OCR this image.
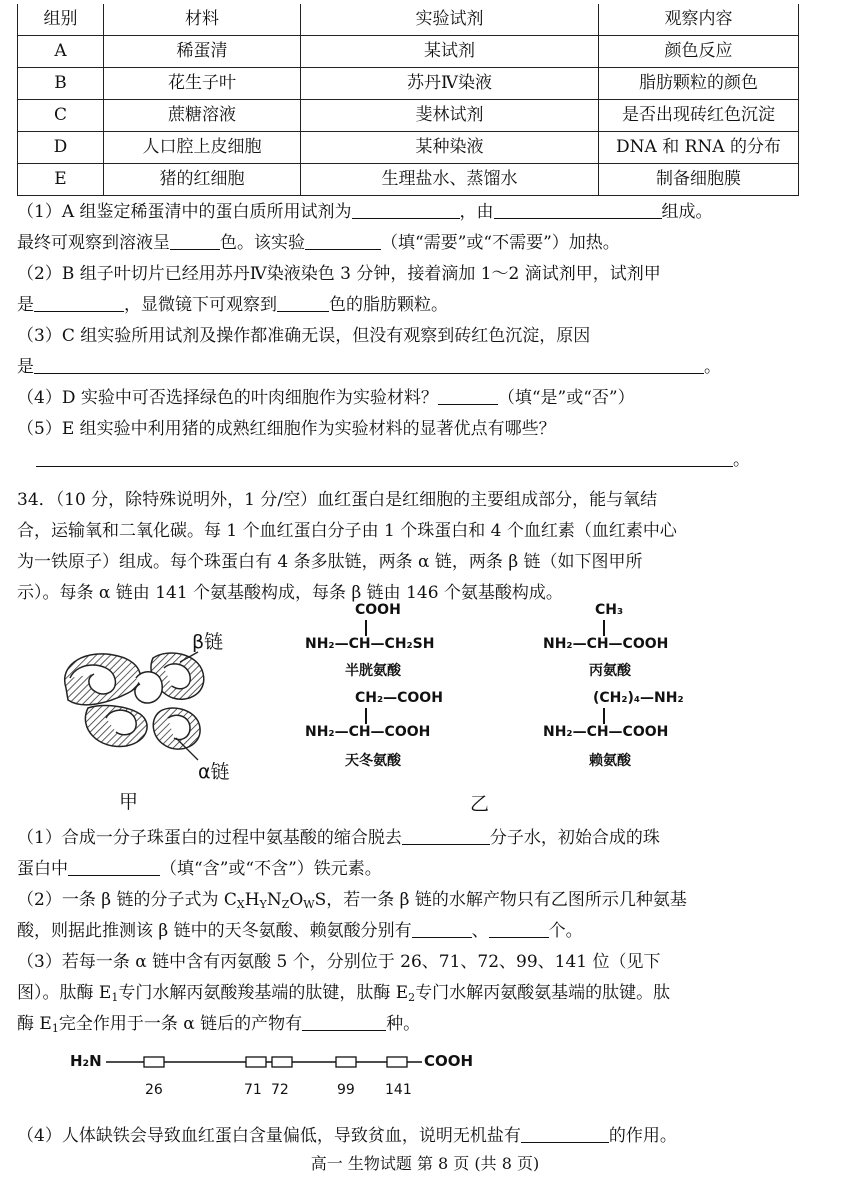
组别	材料	实验试剂	观察内容
A	稀蛋清	某试剂	颜色反应
B	花生子叶	苏丹Ⅳ染液	脂肪颗粒的颜色
C	蔗糖溶液	斐林试剂	是否出现砖红色沉淀
D	人口腔上皮细胞	某种染液	DNA 和 RNA 的分布
E	猪的红细胞	生理盐水、蒸馏水	制备细胞膜
（1）A 组鉴定稀蛋清中的蛋白质所用试剂为	，由	组成。
最终可观察到溶液呈	色。该实验	（填“需要”或“不需要”）加热。
（2）B 组子叶切片已经用苏丹Ⅳ染液染色 3 分钟，接着滴加 1～2 滴试剂甲，试剂甲
是	，显微镜下可观察到	色的脂肪颗粒。
（3）C 组实验所用试剂及操作都准确无误，但没有观察到砖红色沉淀，原因
是	。
（4）D 实验中可否选择绿色的叶肉细胞作为实验材料？	（填“是”或“否”）
（5）E 组实验中利用猪的成熟红细胞作为实验材料的显著优点有哪些？
。
34．（10 分，除特殊说明外，1 分/空）血红蛋白是红细胞的主要组成部分，能与氧结
合，运输氧和二氧化碳。每 1 个血红蛋白分子由 1 个珠蛋白和 4 个血红素（血红素中心
为一铁原子）组成。每个珠蛋白有 4 条多肽链，两条 α 链，两条 β 链（如下图甲所
示）。每条 α 链由 141 个氨基酸构成，每条 β 链由 146 个氨基酸构成。
β链
α链
甲
COOH
NH₂—CH—CH₂SH
半胱氨酸
CH₃
NH₂—CH—COOH
丙氨酸
CH₂—COOH
NH₂—CH—COOH
天冬氨酸
(CH₂)₄—NH₂
NH₂—CH—COOH
赖氨酸
乙
（1）合成一分子珠蛋白的过程中氨基酸的缩合脱去	分子水，初始合成的珠
蛋白中	（填“含”或“不含”）铁元素。
（2）一条 β 链的分子式为 $C_XH_YN_ZO_WS$，若一条 β 链的水解产物只有乙图所示几种氨基
酸，则据此推测该 β 链中的天冬氨酸、赖氨酸分别有	、	个。
（3）若每一条 α 链中含有丙氨酸 5 个，分别位于 26、71、72、99、141 位（见下
图）。肽酶 $E_1$专门水解丙氨酸羧基端的肽键，肽酶 $E_2$专门水解丙氨酸氨基端的肽键。肽
酶 $E_1$完全作用于一条 α 链后的产物有	种。
H₂N	COOH
26	71 72	99 141
（4）人体缺铁会导致血红蛋白含量偏低，导致贫血，说明无机盐有	的作用。
高一 生物试题 第 8 页 (共 8 页)
